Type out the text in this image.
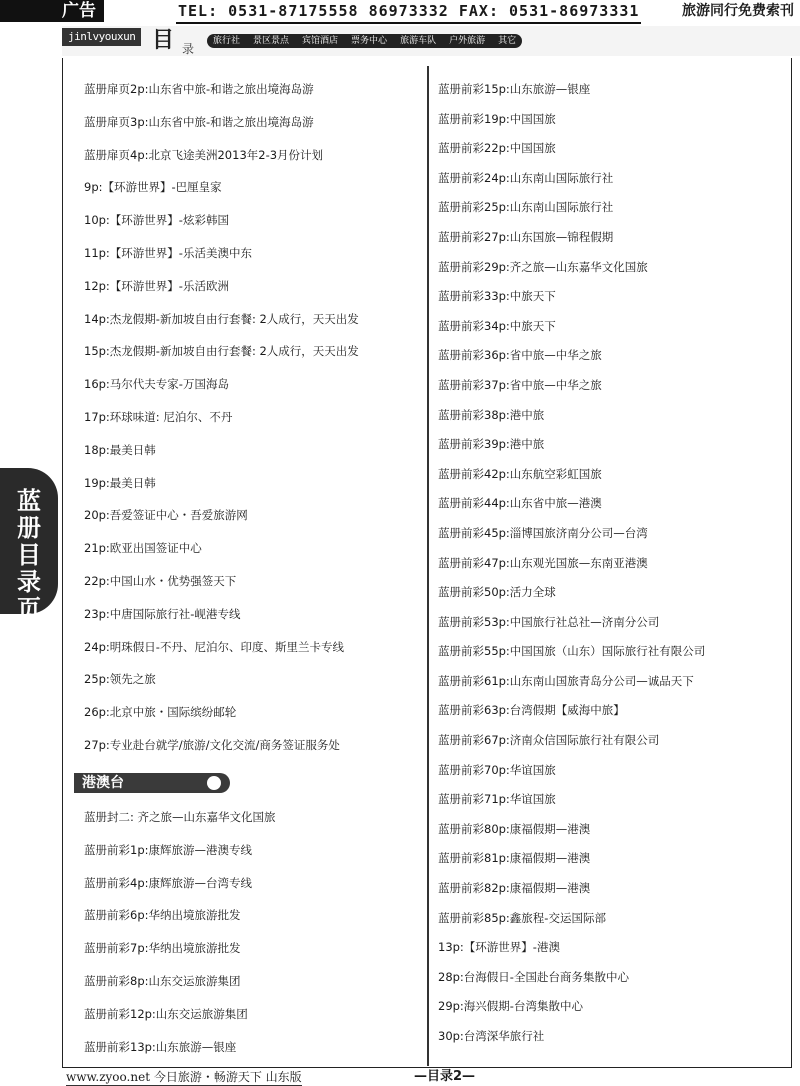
广告	TEL: 0531-87175558 86973332 FAX: 0531-86973331	旅游同行免费索刊
jinlvyouxun 目 录
旅行社 景区景点 宾馆酒店 票务中心 旅游车队 户外旅游 其它
蓝册目录页
蓝册扉页2p:山东省中旅-和谐之旅出境海岛游
蓝册扉页3p:山东省中旅-和谐之旅出境海岛游
蓝册扉页4p:北京飞途美洲2013年2-3月份计划
9p:【环游世界】-巴厘皇家
10p:【环游世界】-炫彩韩国
11p:【环游世界】-乐活美澳中东
12p:【环游世界】-乐活欧洲
14p:杰龙假期-新加坡自由行套餐: 2人成行，天天出发
15p:杰龙假期-新加坡自由行套餐: 2人成行，天天出发
16p:马尔代夫专家-万国海岛
17p:环球味道: 尼泊尔、不丹
18p:最美日韩
19p:最美日韩
20p:吾爱签证中心・吾爱旅游网
21p:欧亚出国签证中心
22p:中国山水・优势强签天下
23p:中唐国际旅行社-岘港专线
24p:明珠假日-不丹、尼泊尔、印度、斯里兰卡专线
25p:领先之旅
26p:北京中旅・国际缤纷邮轮
27p:专业赴台就学/旅游/文化交流/商务签证服务处
港澳台
蓝册封二: 齐之旅—山东嘉华文化国旅
蓝册前彩1p:康辉旅游—港澳专线
蓝册前彩4p:康辉旅游—台湾专线
蓝册前彩6p:华纳出境旅游批发
蓝册前彩7p:华纳出境旅游批发
蓝册前彩8p:山东交运旅游集团
蓝册前彩12p:山东交运旅游集团
蓝册前彩13p:山东旅游—银座
蓝册前彩15p:山东旅游—银座
蓝册前彩19p:中国国旅
蓝册前彩22p:中国国旅
蓝册前彩24p:山东南山国际旅行社
蓝册前彩25p:山东南山国际旅行社
蓝册前彩27p:山东国旅—锦程假期
蓝册前彩29p:齐之旅—山东嘉华文化国旅
蓝册前彩33p:中旅天下
蓝册前彩34p:中旅天下
蓝册前彩36p:省中旅—中华之旅
蓝册前彩37p:省中旅—中华之旅
蓝册前彩38p:港中旅
蓝册前彩39p:港中旅
蓝册前彩42p:山东航空彩虹国旅
蓝册前彩44p:山东省中旅—港澳
蓝册前彩45p:淄博国旅济南分公司—台湾
蓝册前彩47p:山东观光国旅—东南亚港澳
蓝册前彩50p:活力全球
蓝册前彩53p:中国旅行社总社—济南分公司
蓝册前彩55p:中国国旅（山东）国际旅行社有限公司
蓝册前彩61p:山东南山国旅青岛分公司—诚品天下
蓝册前彩63p:台湾假期【威海中旅】
蓝册前彩67p:济南众信国际旅行社有限公司
蓝册前彩70p:华谊国旅
蓝册前彩71p:华谊国旅
蓝册前彩80p:康福假期—港澳
蓝册前彩81p:康福假期—港澳
蓝册前彩82p:康福假期—港澳
蓝册前彩85p:鑫旅程-交运国际部
13p:【环游世界】-港澳
28p:台海假日-全国赴台商务集散中心
29p:海兴假期-台湾集散中心
30p:台湾深华旅行社
www.zyoo.net 今日旅游・畅游天下 山东版	—目录2—
